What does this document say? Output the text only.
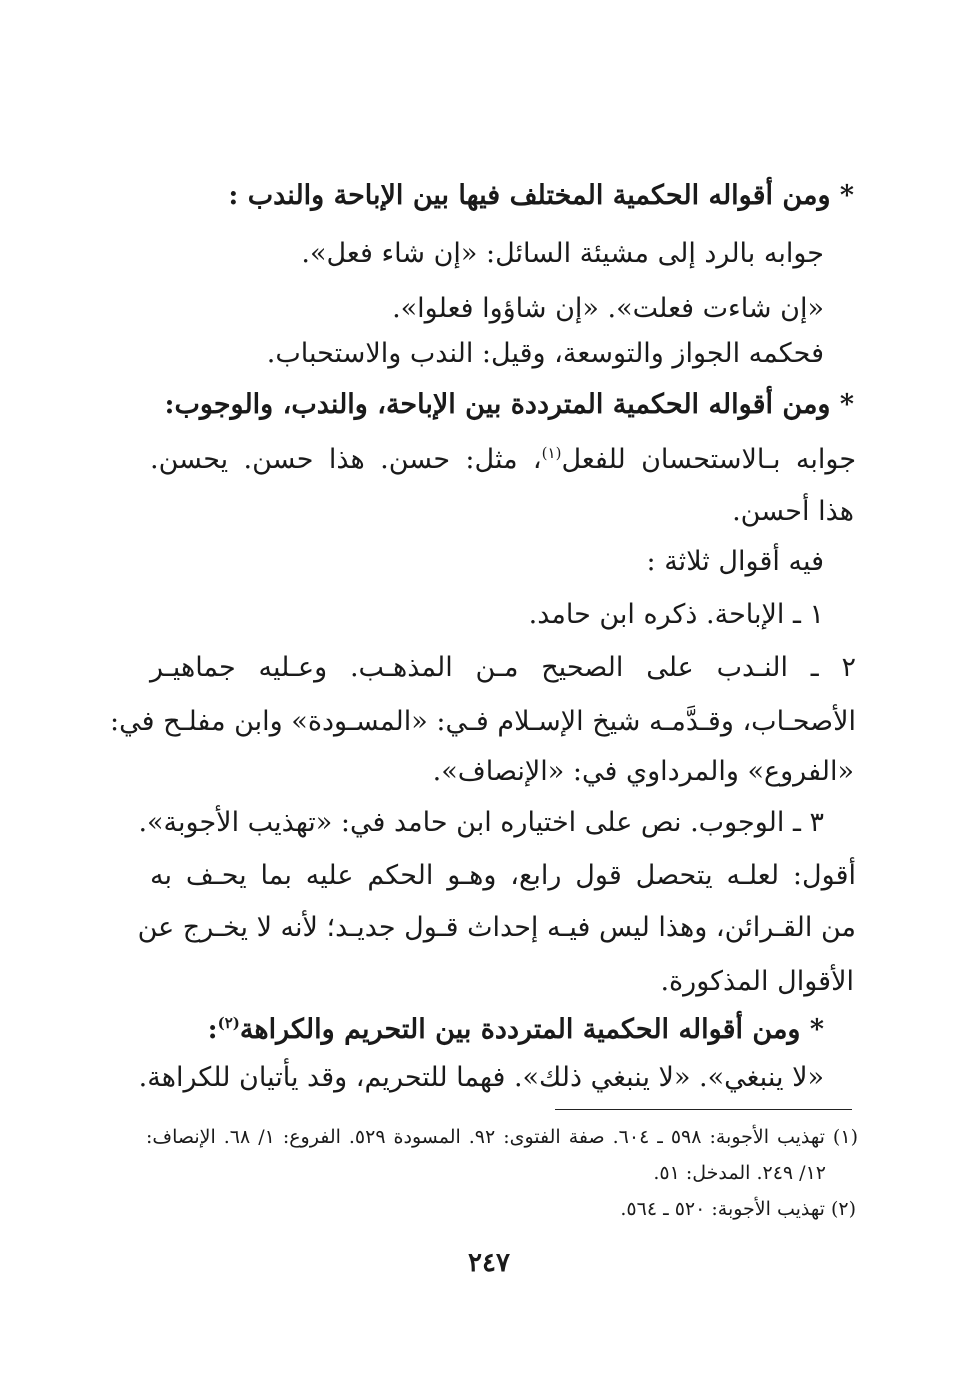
* ومن أقواله الحكمية المختلف فيها بين الإباحة والندب :
جوابه بالرد إلى مشيئة السائل: «إن شاء فعل».
«إن شاءت فعلت». «إن شاؤوا فعلوا».
فحكمه الجواز والتوسعة، وقيل: الندب والاستحباب.
* ومن أقواله الحكمية المترددة بين الإباحة، والندب، والوجوب:
جوابه بـالاستحسان للفعل$^{(١)}$، مثل: حسن. هذا حسن. يحسن.
هذا أحسن.
فيه أقوال ثلاثة :
١ ـ الإباحة. ذكره ابن حامد.
٢ ـ النـدب على الصحيح مـن المذهـب. وعـليه جماهيـر
الأصحـاب، وقـدَّمـه شيخ الإسـلام فـي: «المسـودة» وابن مفلـح في:
«الفروع» والمرداوي في: «الإنصاف».
٣ ـ الوجوب. نص على اختياره ابن حامد في: «تهذيب الأجوبة».
أقول: لعلـه يتحصل قول رابع، وهـو الحكم عليه بما يحـف به
من القـرائن، وهذا ليس فيـه إحداث قـول جديـد؛ لأنه لا يخـرج عن
الأقوال المذكورة.
* ومن أقواله الحكمية المترددة بين التحريم والكراهة$^{(٢)}$:
«لا ينبغي». «لا ينبغي ذلك». فهما للتحريم، وقد يأتيان للكراهة.
(١) تهذيب الأجوبة: ٥٩٨ ـ ٦٠٤. صفة الفتوى: ٩٢. المسودة ٥٢٩. الفروع: ١/ ٦٨. الإنصاف:
١٢/ ٢٤٩. المدخل: ٥١.
(٢) تهذيب الأجوبة: ٥٢٠ ـ ٥٦٤.
٢٤٧
